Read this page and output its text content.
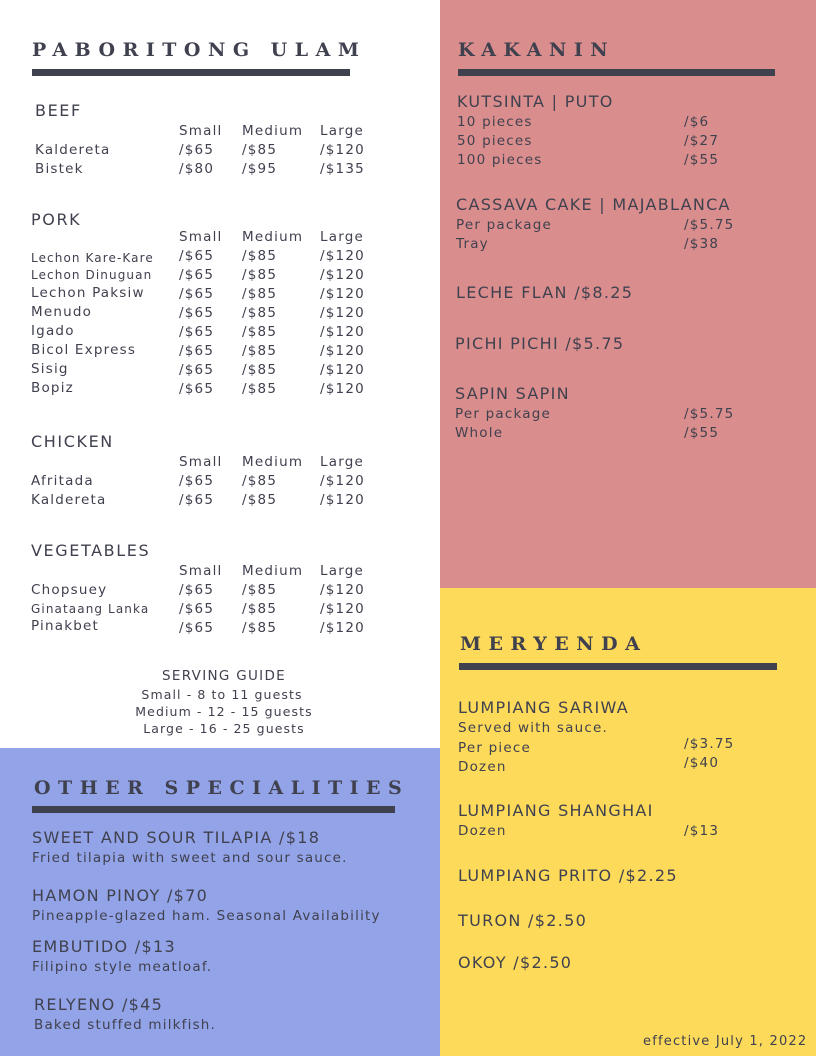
PABORITONG ULAM
BEEF
Small Medium Large
Kaldereta	/$65 /$85	/$120
Bistek	/$80 /$95	/$135
PORK
Small Medium Large
Lechon Kare-Kare /$65 /$85	/$120
Lechon Dinuguan /$65 /$85	/$120
Lechon Paksiw	/$65 /$85	/$120
Menudo	/$65 /$85	/$120
Igado	/$65 /$85	/$120
Bicol Express	/$65 /$85	/$120
Sisig	/$65 /$85	/$120
Bopiz	/$65 /$85	/$120
CHICKEN
Small Medium Large
Afritada	/$65 /$85	/$120
Kaldereta	/$65 /$85	/$120
VEGETABLES
Small Medium Large
Chopsuey	/$65 /$85	/$120
Ginataang Lanka /$65 /$85	/$120
Pinakbet	/$65 /$85	/$120
SERVING GUIDE
Small - 8 to 11 guests
Medium - 12 - 15 guests
Large - 16 - 25 guests
KAKANIN
KUTSINTA | PUTO
10 pieces	/$6
50 pieces	/$27
100 pieces	/$55
CASSAVA CAKE | MAJABLANCA
Per package	/$5.75
Tray	/$38
LECHE FLAN /$8.25
PICHI PICHI /$5.75
SAPIN SAPIN
Per package	/$5.75
Whole	/$55
MERYENDA
LUMPIANG SARIWA
Served with sauce.
Per piece	/$3.75
Dozen	/$40
LUMPIANG SHANGHAI
Dozen	/$13
LUMPIANG PRITO /$2.25
TURON /$2.50
OKOY /$2.50
effective July 1, 2022
OTHER SPECIALITIES
SWEET AND SOUR TILAPIA /$18
Fried tilapia with sweet and sour sauce.
HAMON PINOY /$70
Pineapple-glazed ham. Seasonal Availability
EMBUTIDO /$13
Filipino style meatloaf.
RELYENO /$45
Baked stuffed milkfish.
